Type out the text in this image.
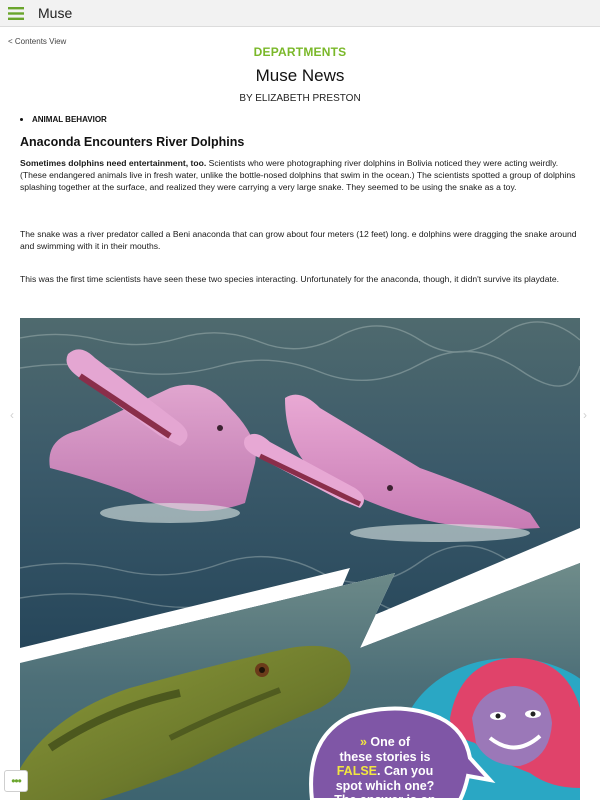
Muse
< Contents View
DEPARTMENTS
Muse News
BY ELIZABETH PRESTON
ANIMAL BEHAVIOR
Anaconda Encounters River Dolphins
Sometimes dolphins need entertainment, too. Scientists who were photographing river dolphins in Bolivia noticed they were acting weirdly. (These endangered animals live in fresh water, unlike the bottle-nosed dolphins that swim in the ocean.) The scientists spotted a group of dolphins splashing together at the surface, and realized they were carrying a very large snake. They seemed to be using the snake as a toy.
The snake was a river predator called a Beni anaconda that can grow about four meters (12 feet) long. e dolphins were dragging the snake around and swimming with it in their mouths.
This was the first time scientists have seen these two species interacting. Unfortunately for the anaconda, though, it didn't survive its playdate.
‹	›
» One of
these stories is
FALSE. Can you
spot which one?
The answer is on
•••
